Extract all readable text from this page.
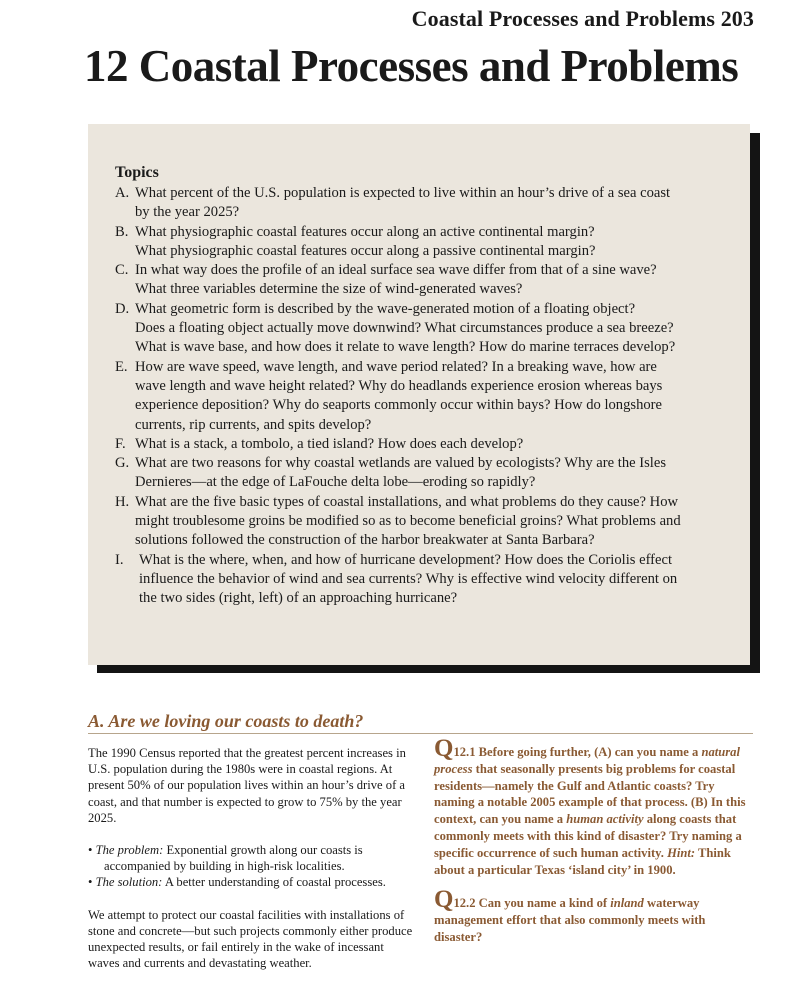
Coastal Processes and Problems 203
12 Coastal Processes and Problems
Topics
A. What percent of the U.S. population is expected to live within an hour’s drive of a sea coast
by the year 2025?
B. What physiographic coastal features occur along an active continental margin?
What physiographic coastal features occur along a passive continental margin?
C. In what way does the profile of an ideal surface sea wave differ from that of a sine wave?
What three variables determine the size of wind-generated waves?
D. What geometric form is described by the wave-generated motion of a floating object?
Does a floating object actually move downwind? What circumstances produce a sea breeze?
What is wave base, and how does it relate to wave length? How do marine terraces develop?
E. How are wave speed, wave length, and wave period related? In a breaking wave, how are
wave length and wave height related? Why do headlands experience erosion whereas bays
experience deposition? Why do seaports commonly occur within bays? How do longshore
currents, rip currents, and spits develop?
F. What is a stack, a tombolo, a tied island? How does each develop?
G. What are two reasons for why coastal wetlands are valued by ecologists? Why are the Isles
Dernieres—at the edge of LaFouche delta lobe—eroding so rapidly?
H. What are the five basic types of coastal installations, and what problems do they cause? How
might troublesome groins be modified so as to become beneficial groins? What problems and
solutions followed the construction of the harbor breakwater at Santa Barbara?
I.	What is the where, when, and how of hurricane development? How does the Coriolis effect
influence the behavior of wind and sea currents? Why is effective wind velocity different on
the two sides (right, left) of an approaching hurricane?
A. Are we loving our coasts to death?

The 1990 Census reported that the greatest percent increases in U.S. population during the 1980s were in coastal regions. At present 50% of our population lives within an hour’s drive of a coast, and that number is expected to grow to 75% by the year 2025.

• The problem: Exponential growth along our coasts is accompanied by building in high-risk localities.

• The solution: A better understanding of coastal processes.

We attempt to protect our coastal facilities with installations of stone and concrete—but such projects commonly either produce unexpected results, or fail entirely in the wake of incessant waves and currents and devastating weather.

Q12.1 Before going further, (A) can you name a natural process that seasonally presents big problems for coastal residents—namely the Gulf and Atlantic coasts? Try naming a notable 2005 example of that process. (B) In this context, can you name a human activity along coasts that commonly meets with this kind of disaster? Try naming a specific occurrence of such human activity. Hint: Think about a particular Texas ‘island city’ in 1900.

Q12.2 Can you name a kind of inland waterway management effort that also commonly meets with disaster?
